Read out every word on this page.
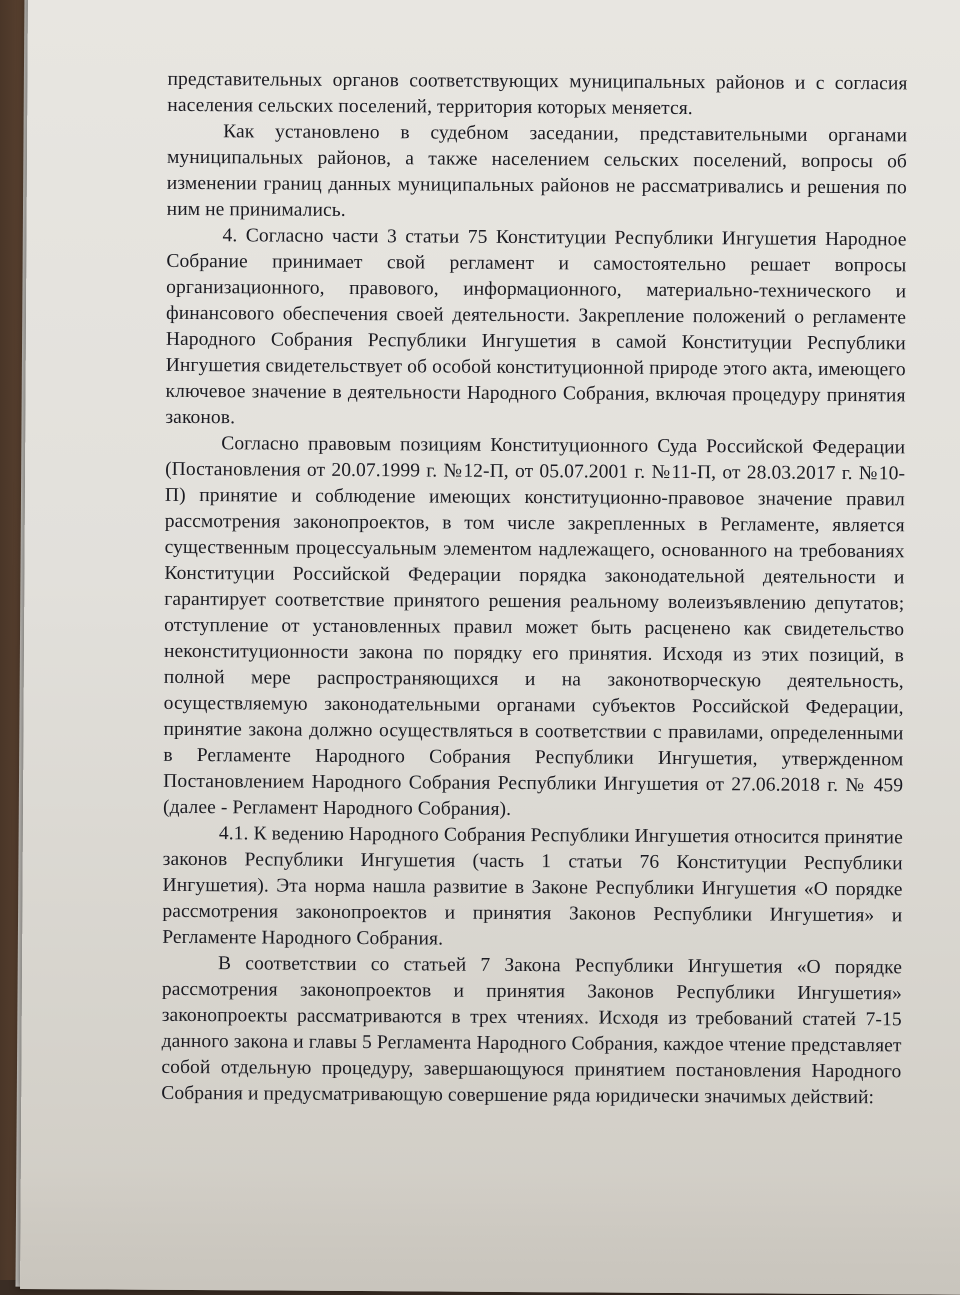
представительных органов соответствующих муниципальных районов и с согласия населения сельских поселений, территория которых меняется.

Как установлено в судебном заседании, представительными органами муниципальных районов, а также населением сельских поселений, вопросы об изменении границ данных муниципальных районов не рассматривались и решения по ним не принимались.

4. Согласно части 3 статьи 75 Конституции Республики Ингушетия Народное Собрание принимает свой регламент и самостоятельно решает вопросы организационного, правового, информационного, материально-технического и финансового обеспечения своей деятельности. Закрепление положений о регламенте Народного Собрания Республики Ингушетия в самой Конституции Республики Ингушетия свидетельствует об особой конституционной природе этого акта, имеющего ключевое значение в деятельности Народного Собрания, включая процедуру принятия законов.

Согласно правовым позициям Конституционного Суда Российской Федерации (Постановления от 20.07.1999 г. №12-П, от 05.07.2001 г. №11-П, от 28.03.2017 г. №10-П) принятие и соблюдение имеющих конституционно-правовое значение правил рассмотрения законопроектов, в том числе закрепленных в Регламенте, является существенным процессуальным элементом надлежащего, основанного на требованиях Конституции Российской Федерации порядка законодательной деятельности и гарантирует соответствие принятого решения реальному волеизъявлению депутатов; отступление от установленных правил может быть расценено как свидетельство неконституционности закона по порядку его принятия. Исходя из этих позиций, в полной мере распространяющихся и на законотворческую деятельность, осуществляемую законодательными органами субъектов Российской Федерации, принятие закона должно осуществляться в соответствии с правилами, определенными в Регламенте Народного Собрания Республики Ингушетия, утвержденном Постановлением Народного Собрания Республики Ингушетия от 27.06.2018 г. № 459 (далее - Регламент Народного Собрания).

4.1. К ведению Народного Собрания Республики Ингушетия относится принятие законов Республики Ингушетия (часть 1 статьи 76 Конституции Республики Ингушетия). Эта норма нашла развитие в Законе Республики Ингушетия «О порядке рассмотрения законопроектов и принятия Законов Республики Ингушетия» и Регламенте Народного Собрания.

В соответствии со статьей 7 Закона Республики Ингушетия «О порядке рассмотрения законопроектов и принятия Законов Республики Ингушетия» законопроекты рассматриваются в трех чтениях. Исходя из требований статей 7-15 данного закона и главы 5 Регламента Народного Собрания, каждое чтение представляет собой отдельную процедуру, завершающуюся принятием постановления Народного Собрания и предусматривающую совершение ряда юридически значимых действий:
